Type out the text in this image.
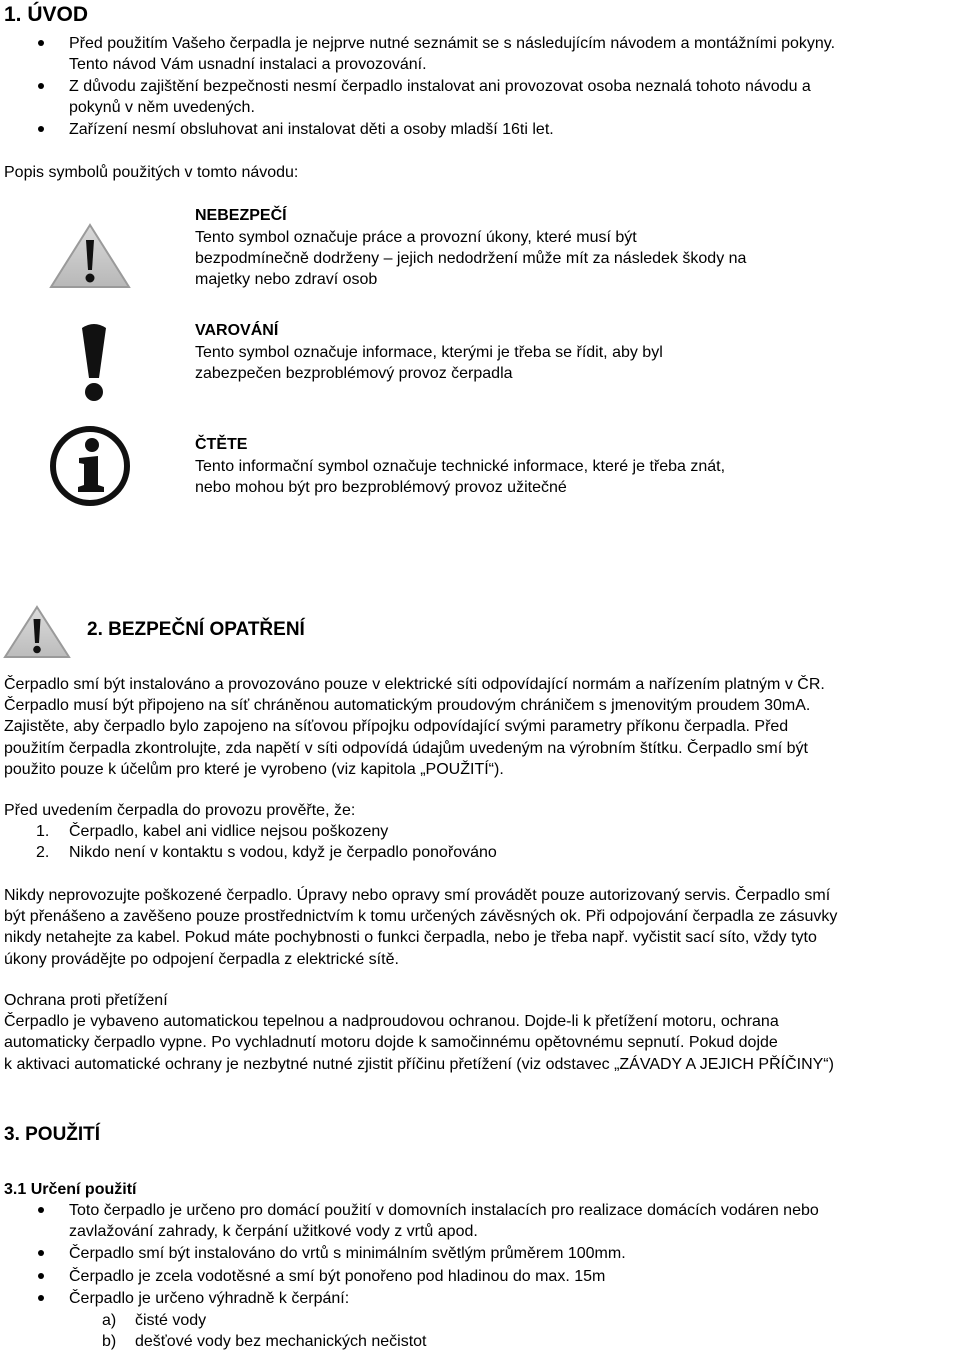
1. ÚVOD
Před použitím Vašeho čerpadla je nejprve nutné seznámit se s následujícím návodem a montážními pokyny.
Tento návod Vám usnadní instalaci a provozování.
Z důvodu zajištění bezpečnosti nesmí čerpadlo instalovat ani provozovat osoba neznalá tohoto návodu a
pokynů v něm uvedených.
Zařízení nesmí obsluhovat ani instalovat děti a osoby mladší 16ti let.
Popis symbolů použitých v tomto návodu:
NEBEZPEČÍ
Tento symbol označuje práce a provozní úkony, které musí být
bezpodmínečně dodrženy – jejich nedodržení může mít za následek škody na
majetky nebo zdraví osob
VAROVÁNÍ
Tento symbol označuje informace, kterými je třeba se řídit, aby byl
zabezpečen bezproblémový provoz čerpadla
ČTĚTE
Tento informační symbol označuje technické informace, které je třeba znát,
nebo mohou být pro bezproblémový provoz užitečné
2. BEZPEČNÍ OPATŘENÍ
Čerpadlo smí být instalováno a provozováno pouze v elektrické síti odpovídající normám a nařízením platným v ČR.
Čerpadlo musí být připojeno na síť chráněnou automatickým proudovým chráničem s jmenovitým proudem 30mA.
Zajistěte, aby čerpadlo bylo zapojeno na síťovou přípojku odpovídající svými parametry příkonu čerpadla. Před
použitím čerpadla zkontrolujte, zda napětí v síti odpovídá údajům uvedeným na výrobním štítku. Čerpadlo smí být
použito pouze k účelům pro které je vyrobeno (viz kapitola „POUŽITÍ“).
Před uvedením čerpadla do provozu prověřte, že:
1. Čerpadlo, kabel ani vidlice nejsou poškozeny
2. Nikdo není v kontaktu s vodou, když je čerpadlo ponořováno
Nikdy neprovozujte poškozené čerpadlo. Úpravy nebo opravy smí provádět pouze autorizovaný servis. Čerpadlo smí
být přenášeno a zavěšeno pouze prostřednictvím k tomu určených závěsných ok. Při odpojování čerpadla ze zásuvky
nikdy netahejte za kabel. Pokud máte pochybnosti o funkci čerpadla, nebo je třeba např. vyčistit sací síto, vždy tyto
úkony provádějte po odpojení čerpadla z elektrické sítě.
Ochrana proti přetížení
Čerpadlo je vybaveno automatickou tepelnou a nadproudovou ochranou. Dojde-li k přetížení motoru, ochrana
automaticky čerpadlo vypne. Po vychladnutí motoru dojde k samočinnému opětovnému sepnutí. Pokud dojde
k aktivaci automatické ochrany je nezbytné nutné zjistit příčinu přetížení (viz odstavec „ZÁVADY A JEJICH PŘÍČINY“)
3. POUŽITÍ
3.1 Určení použití
Toto čerpadlo je určeno pro domácí použití v domovních instalacích pro realizace domácích vodáren nebo
zavlažování zahrady, k čerpání užitkové vody z vrtů apod.
Čerpadlo smí být instalováno do vrtů s minimálním světlým průměrem 100mm.
Čerpadlo je zcela vodotěsné a smí být ponořeno pod hladinou do max. 15m
Čerpadlo je určeno výhradně k čerpání:
a) čisté vody
b) dešťové vody bez mechanických nečistot
